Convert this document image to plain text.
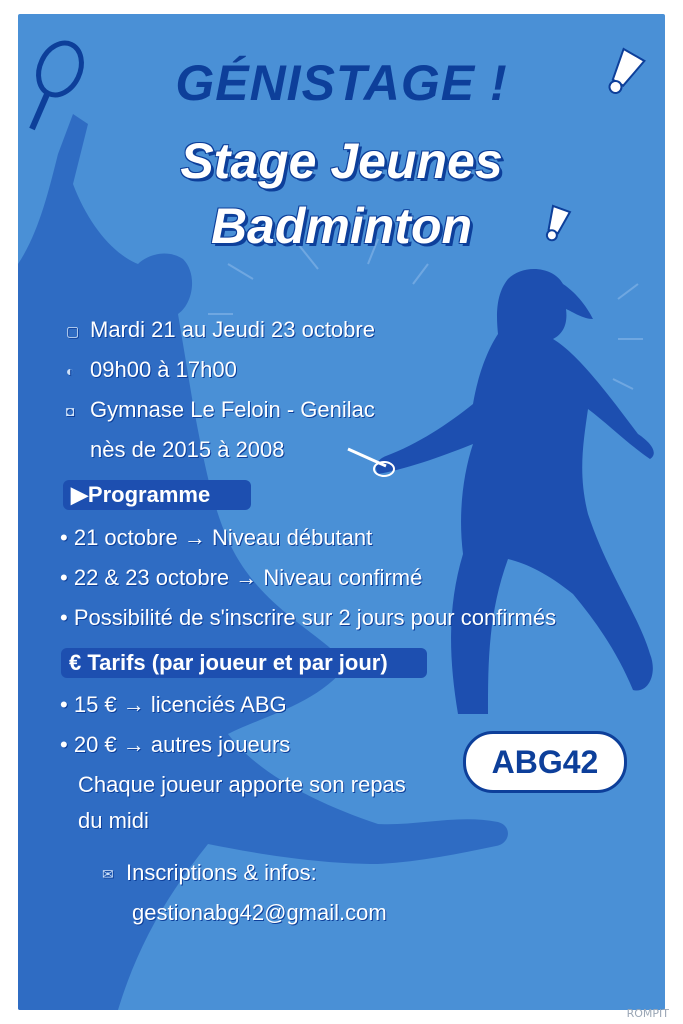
GÉNISTAGE !
Stage Jeunes
Badminton
▢ Mardi 21 au Jeudi 23 octobre
◐ 09h00 à 17h00
◘ Gymnase Le Feloin - Genilac
nès de 2015 à 2008
▶Programme
• 21 octobre → Niveau débutant
• 22 & 23 octobre → Niveau confirmé
• Possibilité de s'inscrire sur 2 jours pour confirmés
€ Tarifs (par joueur et par jour)
• 15 € → licenciés ABG
• 20 € → autres joueurs
Chaque joueur apporte son repas
du midi
✉ Inscriptions & infos:
gestionabg42@gmail.com
ABG42
ROMPIT
